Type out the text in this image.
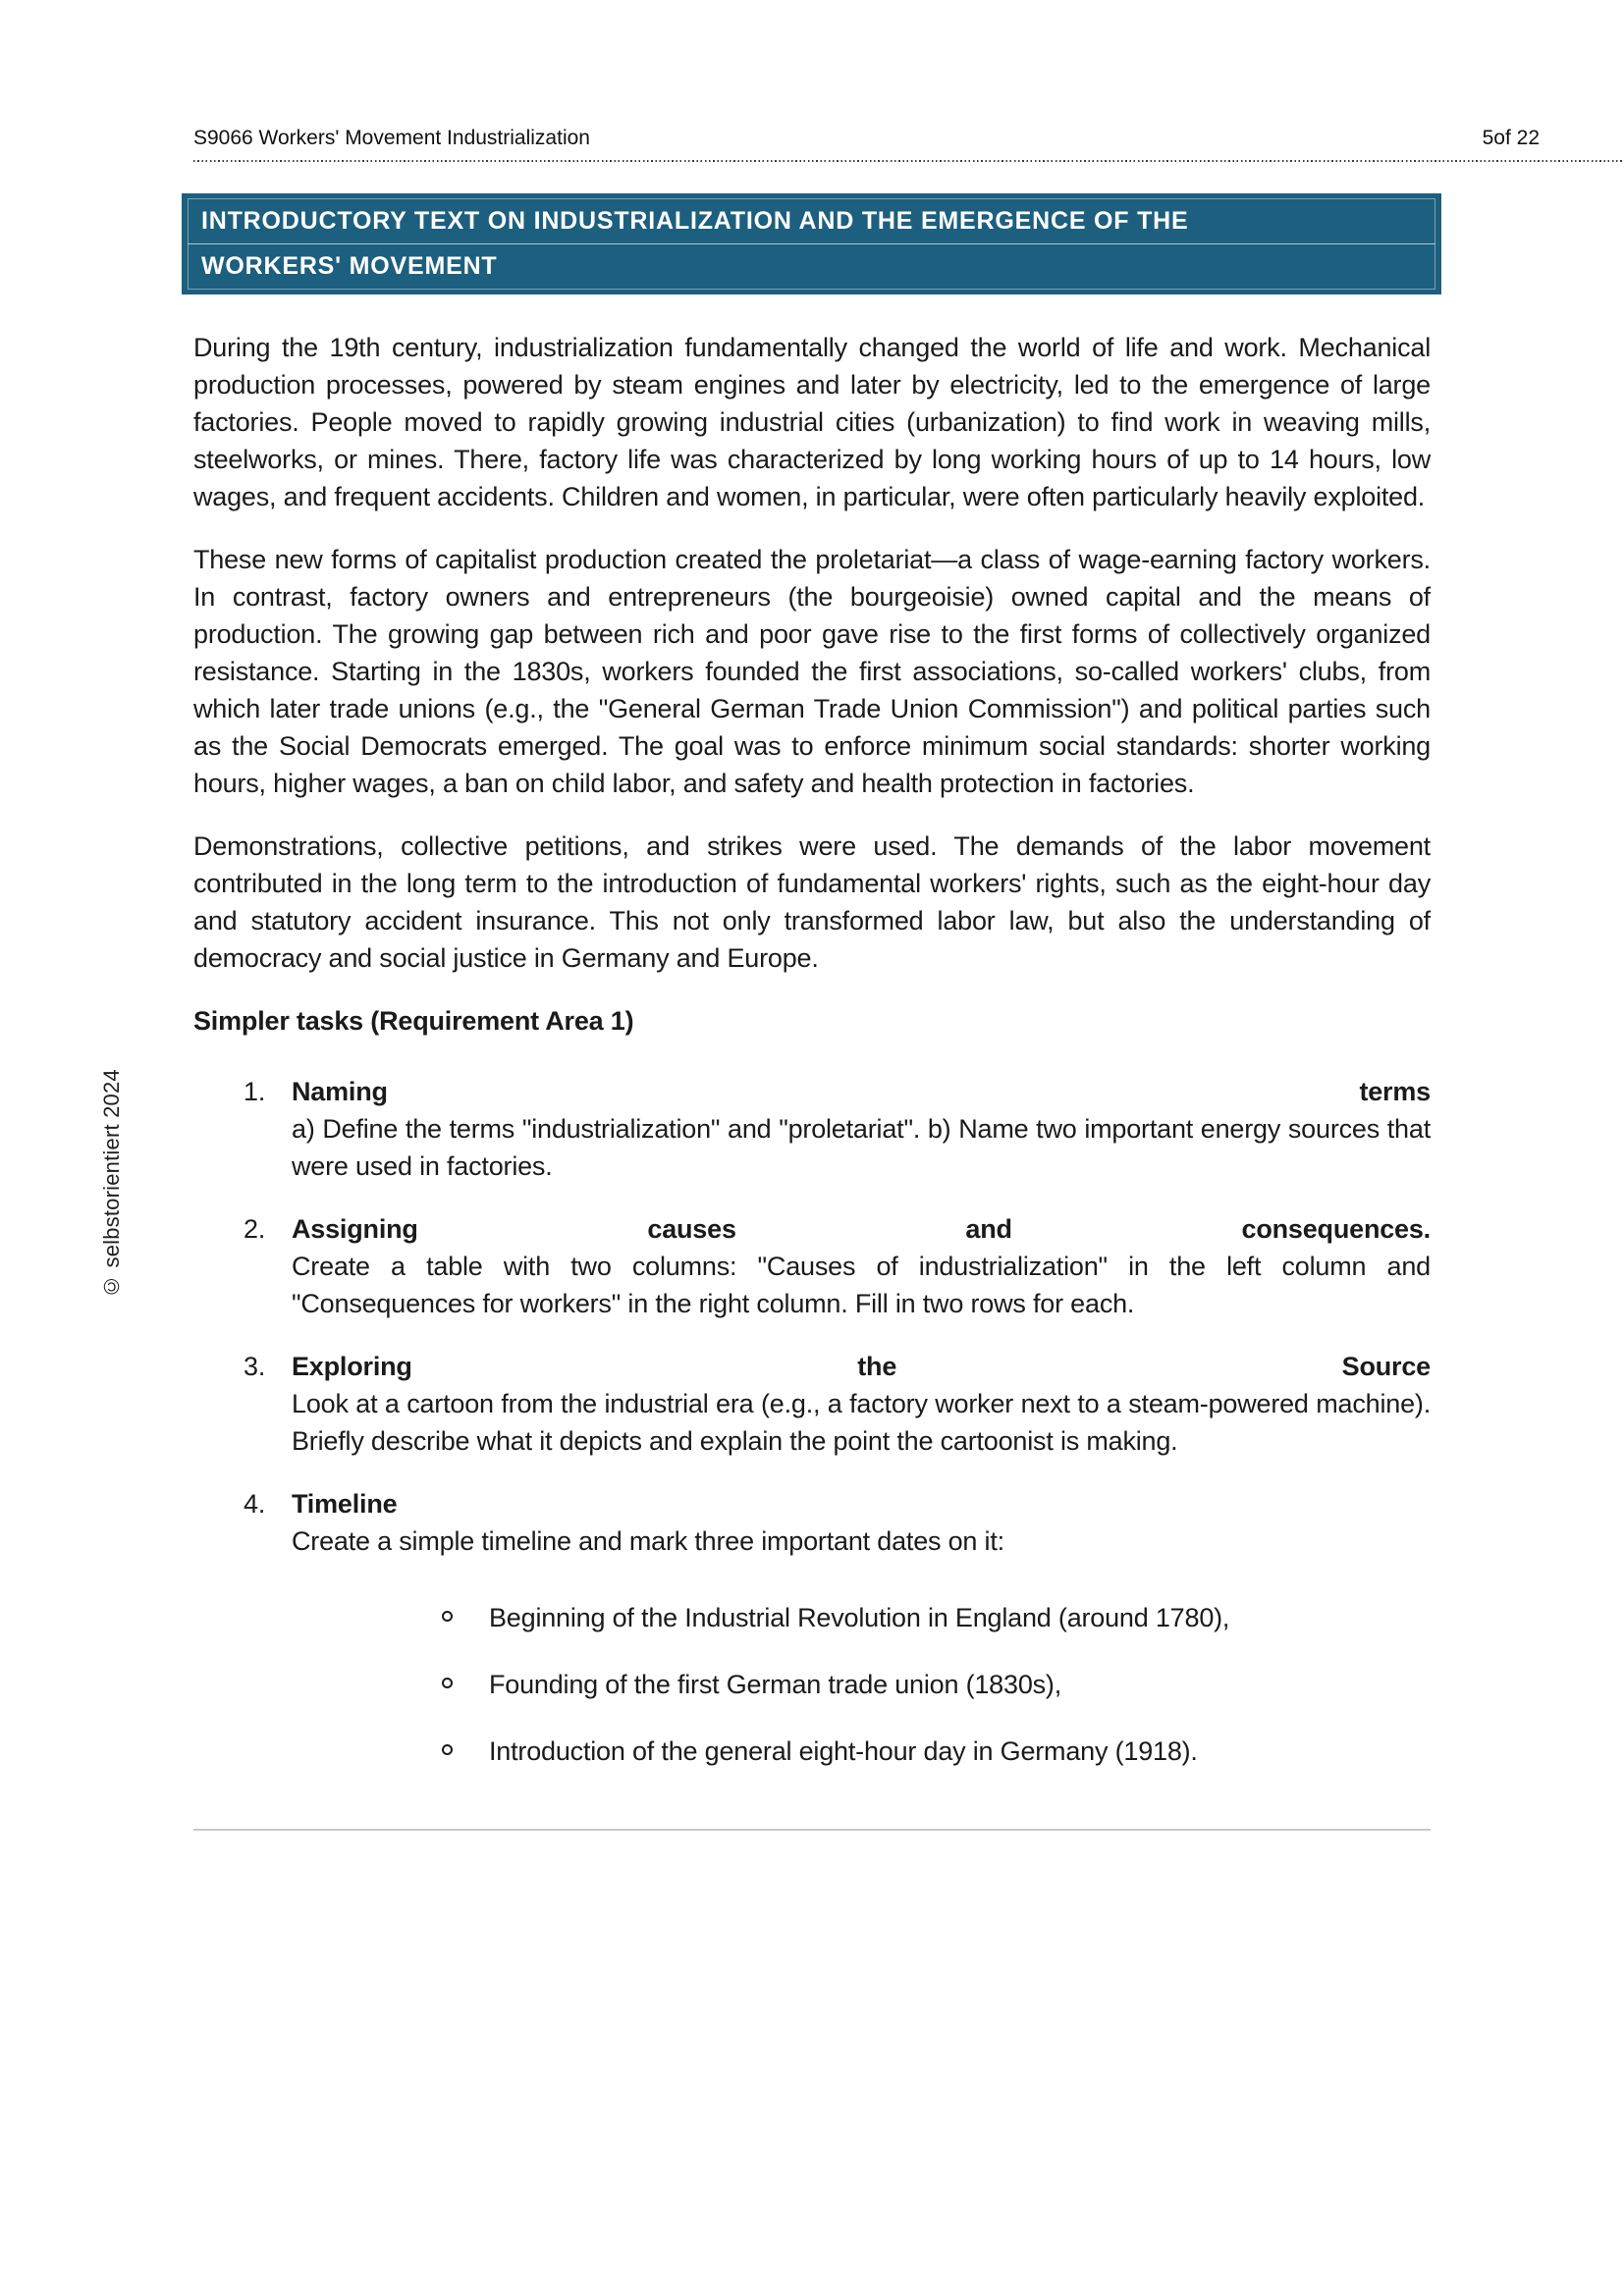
S9066 Workers' Movement Industrialization	5of 22
INTRODUCTORY TEXT ON INDUSTRIALIZATION AND THE EMERGENCE OF THE
WORKERS' MOVEMENT

During the 19th century, industrialization fundamentally changed the world of life and work. Mechanical production processes, powered by steam engines and later by electricity, led to the emergence of large factories. People moved to rapidly growing industrial cities (urbanization) to find work in weaving mills, steelworks, or mines. There, factory life was characterized by long working hours of up to 14 hours, low wages, and frequent accidents. Children and women, in particular, were often particularly heavily exploited.

These new forms of capitalist production created the proletariat—a class of wage-earning factory workers. In contrast, factory owners and entrepreneurs (the bourgeoisie) owned capital and the means of production. The growing gap between rich and poor gave rise to the first forms of collectively organized resistance. Starting in the 1830s, workers founded the first associations, so-called workers' clubs, from which later trade unions (e.g., the "General German Trade Union Commission") and political parties such as the Social Democrats emerged. The goal was to enforce minimum social standards: shorter working hours, higher wages, a ban on child labor, and safety and health protection in factories.

Demonstrations, collective petitions, and strikes were used. The demands of the labor movement contributed in the long term to the introduction of fundamental workers' rights, such as the eight-hour day and statutory accident insurance. This not only transformed labor law, but also the understanding of democracy and social justice in Germany and Europe.

Simpler tasks (Requirement Area 1)
1. Naming terms
a) Define the terms "industrialization" and "proletariat". b) Name two important energy sources that were used in factories.
2. Assigning causes and consequences.
Create a table with two columns: "Causes of industrialization" in the left column and "Consequences for workers" in the right column. Fill in two rows for each.
3. Exploring the Source
Look at a cartoon from the industrial era (e.g., a factory worker next to a steam-powered machine). Briefly describe what it depicts and explain the point the cartoonist is making.
4. Timeline
Create a simple timeline and mark three important dates on it:
Beginning of the Industrial Revolution in England (around 1780),
Founding of the first German trade union (1830s),
Introduction of the general eight-hour day in Germany (1918).
© selbstorientiert 2024
